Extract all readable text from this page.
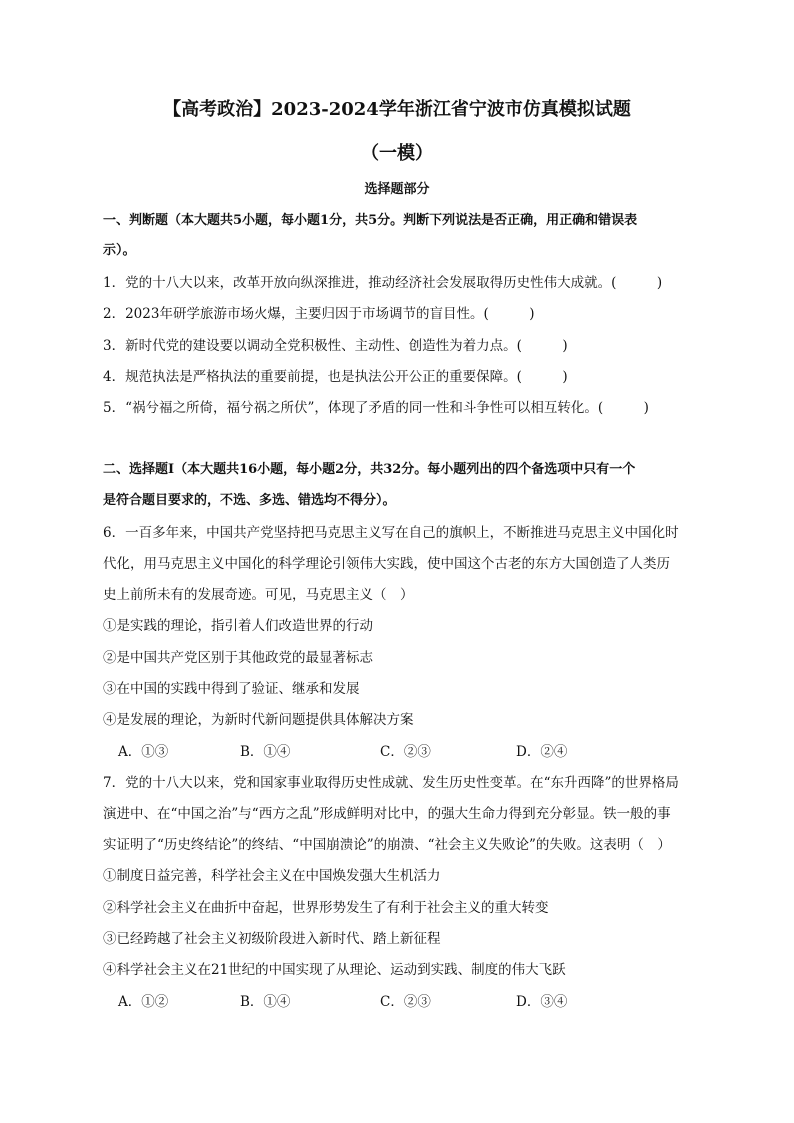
【高考政治】2023-2024学年浙江省宁波市仿真模拟试题
（一模）
选择题部分
一、判断题（本大题共5小题，每小题1分，共5分。判断下列说法是否正确，用正确和错误表
示）。
1．党的十八大以来，改革开放向纵深推进，推动经济社会发展取得历史性伟大成就。(　　　)
2．2023年研学旅游市场火爆，主要归因于市场调节的盲目性。(　　　)
3．新时代党的建设要以调动全党积极性、主动性、创造性为着力点。(　　　)
4．规范执法是严格执法的重要前提，也是执法公开公正的重要保障。(　　　)
5．“祸兮福之所倚，福兮祸之所伏”，体现了矛盾的同一性和斗争性可以相互转化。(　　　)
二、选择题Ⅰ（本大题共16小题，每小题2分，共32分。每小题列出的四个备选项中只有一个
是符合题目要求的，不选、多选、错选均不得分）。
6．一百多年来，中国共产党坚持把马克思主义写在自己的旗帜上，不断推进马克思主义中国化时
代化，用马克思主义中国化的科学理论引领伟大实践，使中国这个古老的东方大国创造了人类历
史上前所未有的发展奇迹。可见，马克思主义（　）
①是实践的理论，指引着人们改造世界的行动
②是中国共产党区别于其他政党的最显著标志
③在中国的实践中得到了验证、继承和发展
④是发展的理论，为新时代新问题提供具体解决方案
A．①③	B．①④	C．②③	D．②④
7．党的十八大以来，党和国家事业取得历史性成就、发生历史性变革。在“东升西降”的世界格局
演进中、在“中国之治”与“西方之乱”形成鲜明对比中，的强大生命力得到充分彰显。铁一般的事
实证明了“历史终结论”的终结、“中国崩溃论”的崩溃、“社会主义失败论”的失败。这表明（　）
①制度日益完善，科学社会主义在中国焕发强大生机活力
②科学社会主义在曲折中奋起，世界形势发生了有利于社会主义的重大转变
③已经跨越了社会主义初级阶段进入新时代、踏上新征程
④科学社会主义在21世纪的中国实现了从理论、运动到实践、制度的伟大飞跃
A．①②	B．①④	C．②③	D．③④
